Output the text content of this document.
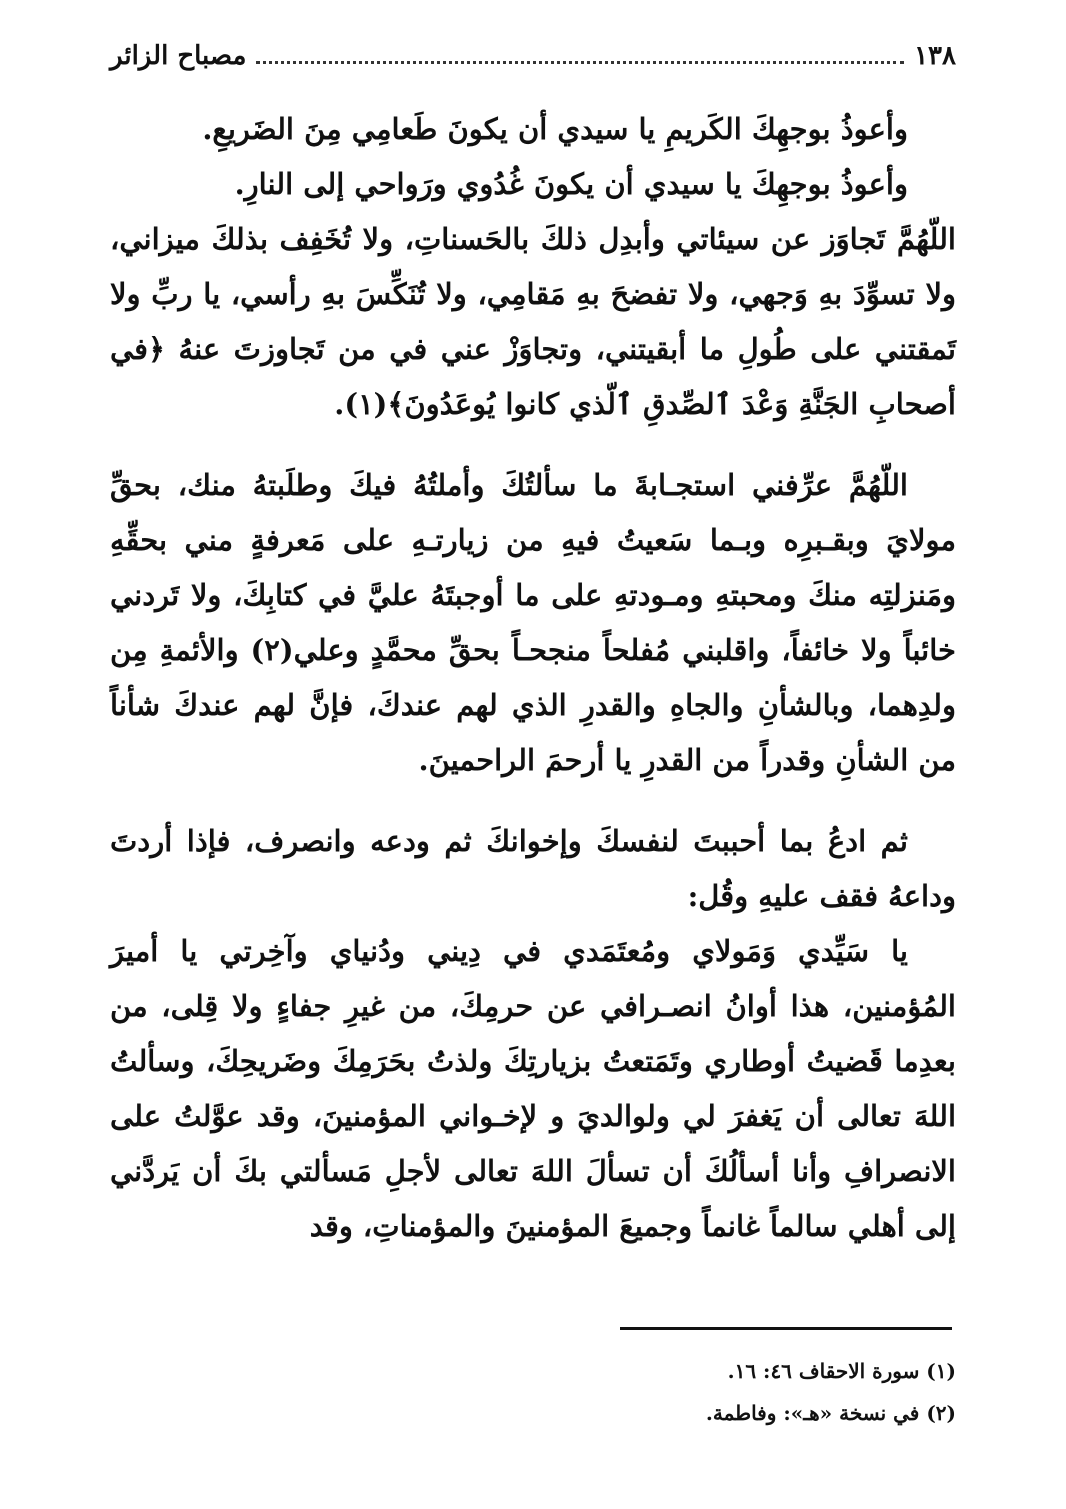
١٣٨
مصباح الزائر

وأعوذُ بوجهِكَ الكَريمِ يا سيدي أن يكونَ طَعامِي مِنَ الضَريعِ.

وأعوذُ بوجهِكَ يا سيدي أن يكونَ غُدُوي ورَواحي إلى النارِ.

اللّهُمَّ تَجاوَز عن سيئاتي وأبدِل ذلكَ بالحَسناتِ، ولا تُخَفِف بذلكَ ميزاني، ولا تسوِّدَ بهِ وَجهي، ولا تفضحَ بهِ مَقامِي، ولا تُنَكِّسَ بهِ رأسي، يا ربِّ ولا تَمقتني على طُولِ ما أبقيتني، وتجاوَزْ عني في من تَجاوزتَ عنهُ ﴿في أصحابِ الجَنَّةِ وَعْدَ ٱلصِّدقِ ٱلّذي كانوا يُوعَدُونَ﴾(١).

اللّهُمَّ عرِّفني استجـابةَ ما سألتُكَ وأملتُهُ فيكَ وطلَبتهُ منك، بحقِّ مولايَ وبقـبرِه وبـما سَعيتُ فيهِ من زيارتـهِ على مَعرفةٍ مني بحقِّهِ ومَنزلتِه منكَ ومحبتهِ ومـودتهِ على ما أوجبتَهُ عليَّ في كتابِكَ، ولا تَردني خائباً ولا خائفاً، واقلبني مُفلحاً منجحـاً بحقِّ محمَّدٍ وعلي(٢) والأئمةِ مِن ولدِهما، وبالشأنِ والجاهِ والقدرِ الذي لهم عندكَ، فإنَّ لهم عندكَ شأناً من الشأنِ وقدراً من القدرِ يا أرحمَ الراحمينَ.

ثم ادعُ بما أحببتَ لنفسكَ وإخوانكَ ثم ودعه وانصرف، فإذا أردتَ وداعهُ فقف عليهِ وقُل:

يا سَيِّدي وَمَولاي ومُعتَمَدي في دِيني ودُنياي وآخِرتي يا أميرَ المُؤمنين، هذا أوانُ انصـرافي عن حرمِكَ، من غيرِ جفاءٍ ولا قِلى، من بعدِما قَضيتُ أوطاري وتَمَتعتُ بزيارتِكَ ولذتُ بحَرَمِكَ وضَريحِكَ، وسألتُ اللهَ تعالى أن يَغفرَ لي ولوالديَ و لإخـواني المؤمنينَ، وقد عوَّلتُ على الانصرافِ وأنا أسألُكَ أن تسألَ اللهَ تعالى لأجلِ مَسألتي بكَ أن يَردَّني إلى أهلي سالماً غانماً وجميعَ المؤمنينَ والمؤمناتِ، وقد

(١) سورة الاحقاف ٤٦: ١٦.
(٢) في نسخة «هـ»: وفاطمة.
